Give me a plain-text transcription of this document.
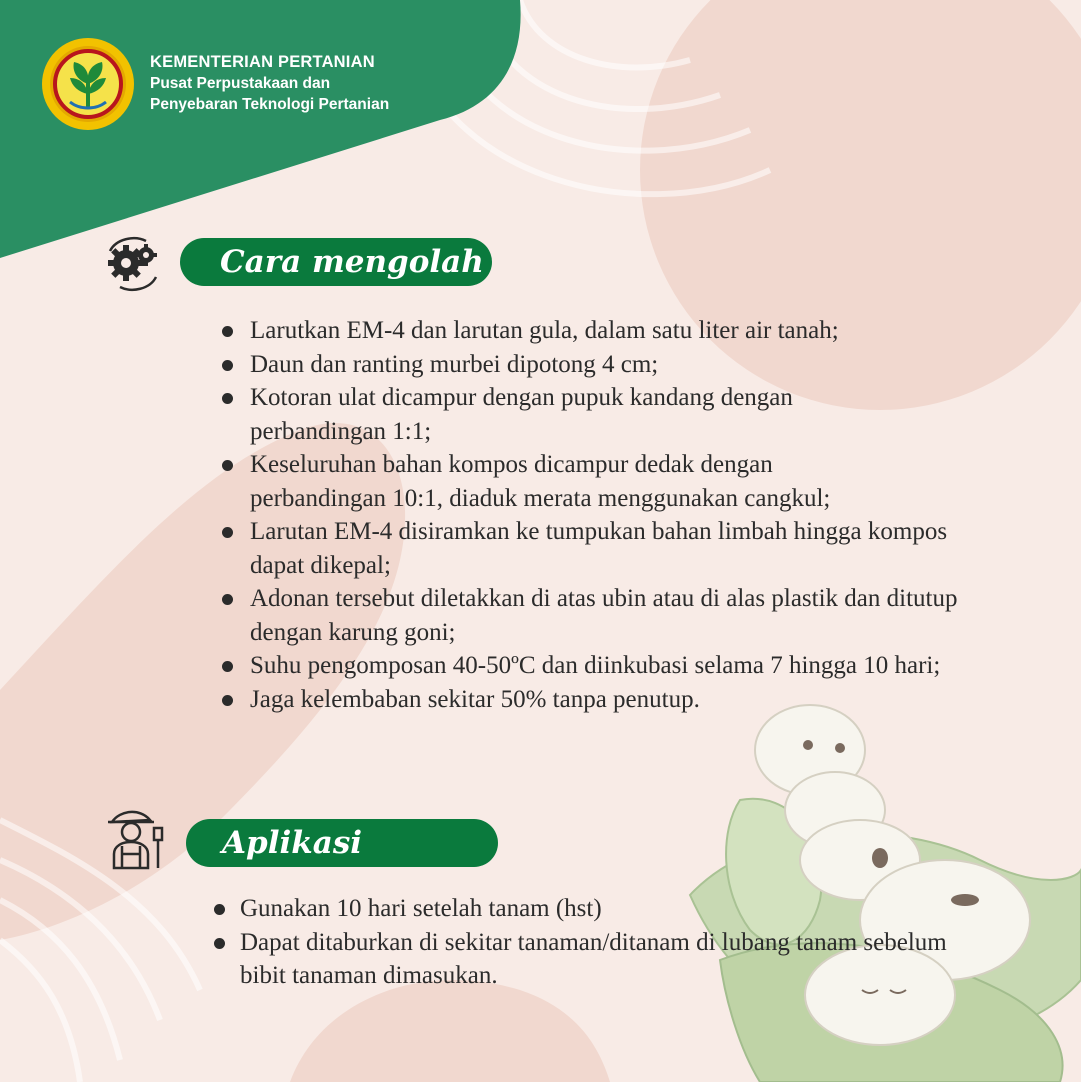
KEMENTERIAN PERTANIAN
Pusat Perpustakaan dan
Penyebaran Teknologi Pertanian
Cara mengolah
Larutkan EM-4 dan larutan gula, dalam satu liter air tanah;
Daun dan ranting murbei dipotong 4 cm;
Kotoran ulat dicampur dengan pupuk kandang dengan perbandingan 1:1;
Keseluruhan bahan kompos dicampur dedak dengan perbandingan 10:1, diaduk merata menggunakan cangkul;
Larutan EM-4 disiramkan ke tumpukan bahan limbah hingga kompos dapat dikepal;
Adonan tersebut diletakkan di atas ubin atau di alas plastik dan ditutup dengan karung goni;
Suhu pengomposan 40-50ºC dan diinkubasi selama 7 hingga 10 hari;
Jaga kelembaban sekitar 50% tanpa penutup.
Aplikasi
Gunakan 10 hari setelah tanam (hst)
Dapat ditaburkan di sekitar tanaman/ditanam di lubang tanam sebelum bibit tanaman dimasukan.
